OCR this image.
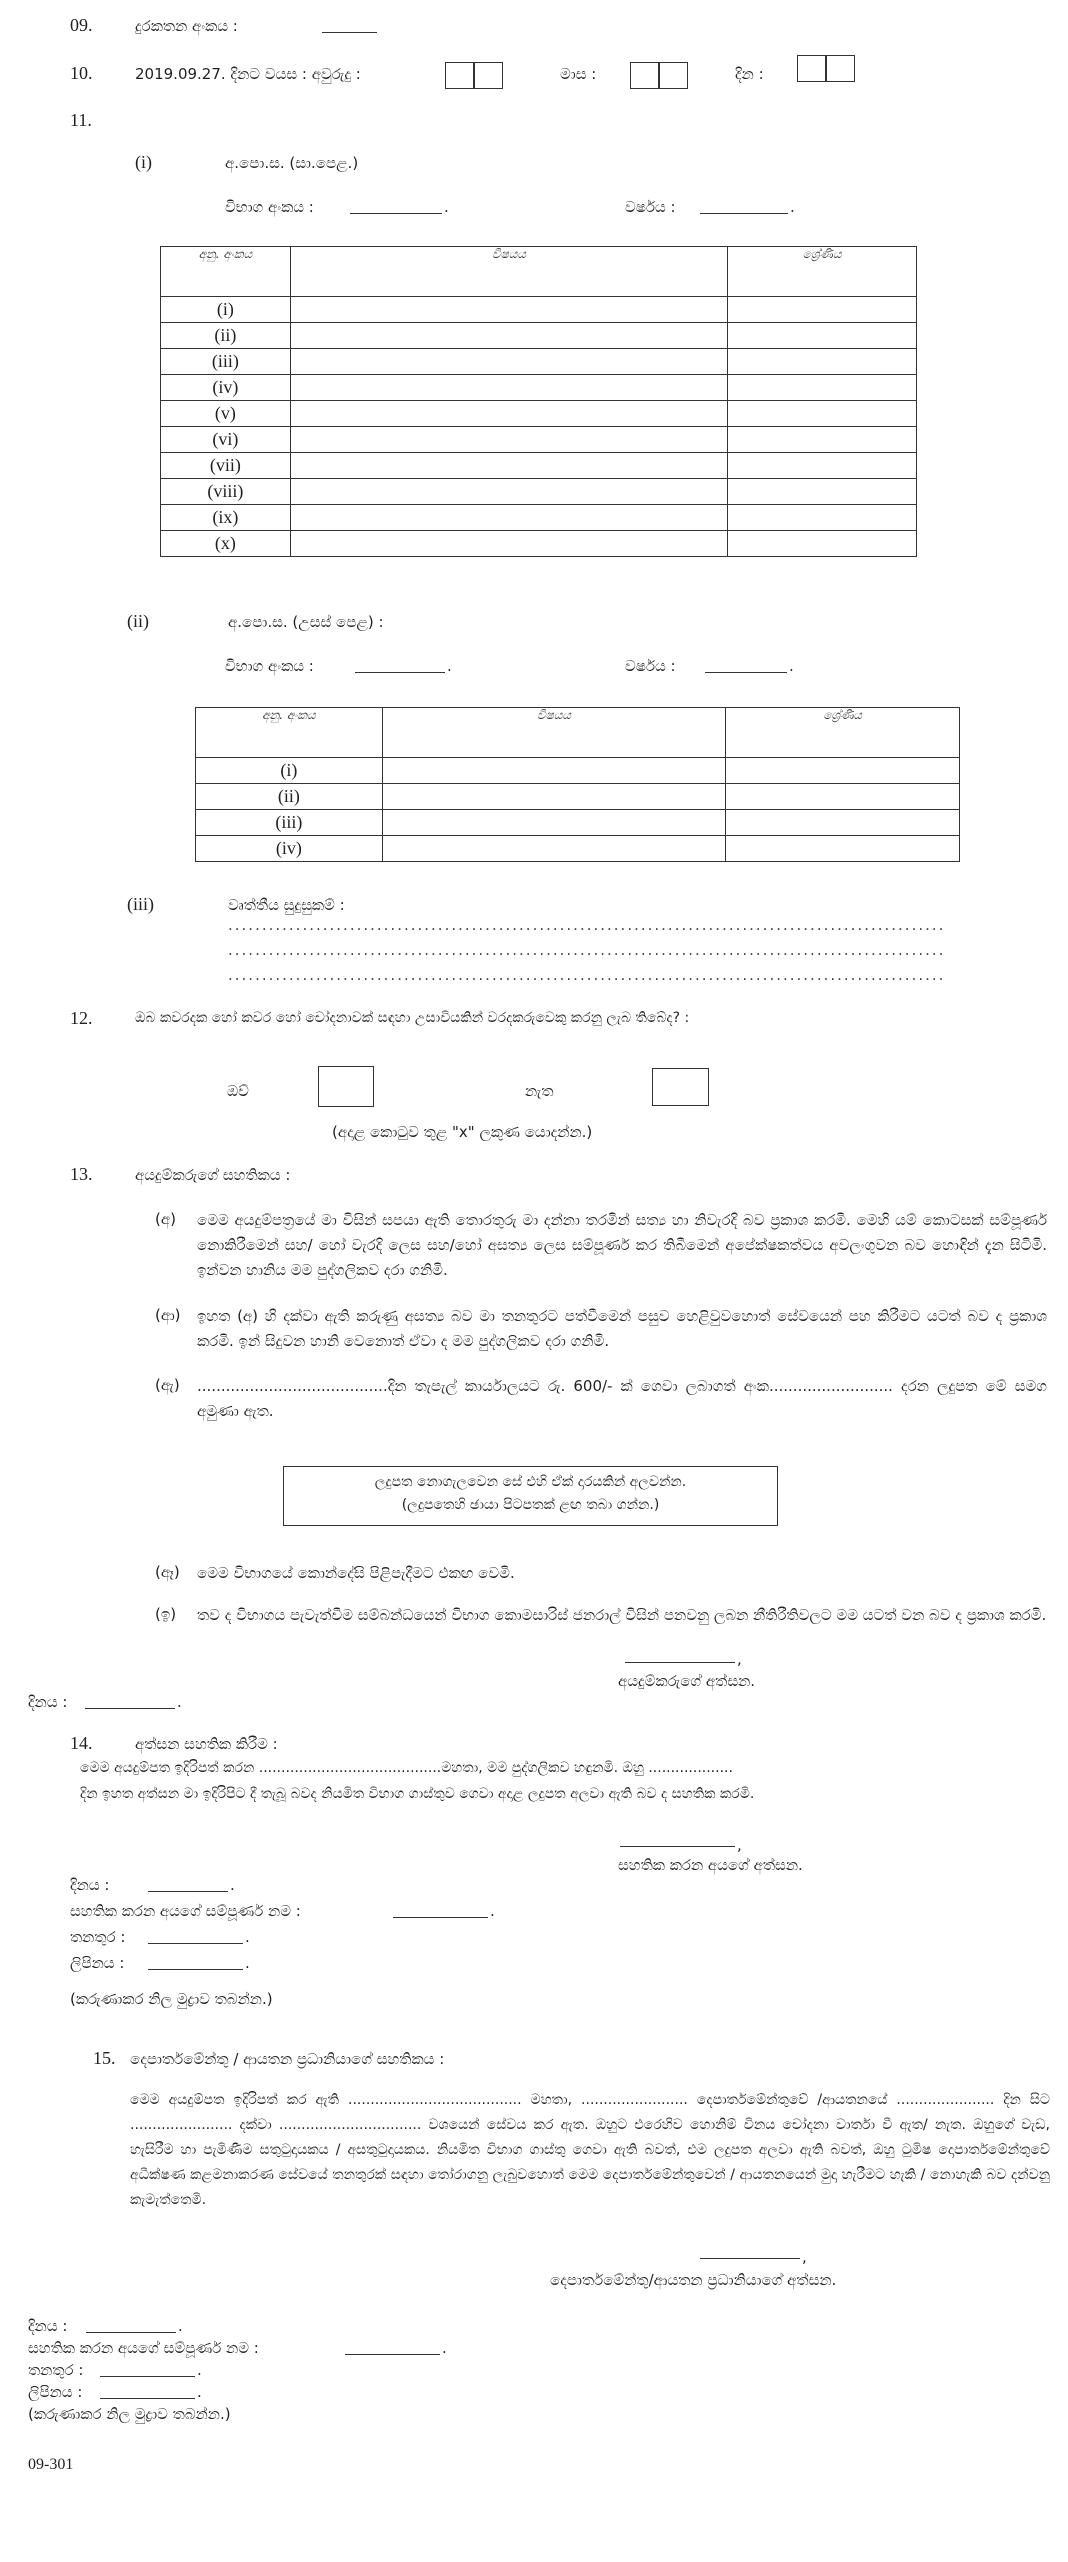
09.	දුරකතන අංකය :
10.	2019.09.27. දිනට වයස : අවුරුදු :	මාස :	දින :
11.
(i)	අ.පො.ස. (සා.පෙළ.)
විභාග අංකය :	.	වර්ෂය :	.
අනු. අංකය	විෂයය	ශ්‍රේණිය
(i)		
(ii)		
(iii)		
(iv)		
(v)		
(vi)		
(vii)		
(viii)		
(ix)		
(x)		
(ii)	අ.පො.ස. (උසස් පෙළ) :
විභාග අංකය :	.	වර්ෂය :	.
අනු. අංකය	විෂයය	ශ්‍රේණිය
(i)		
(ii)		
(iii)		
(iv)		
(iii)	වෘත්තීය සුදුසුකම් :
..........................................................................................................
..........................................................................................................
..........................................................................................................
12.	ඔබ කවරදක හෝ කවර හෝ චෝදනාවක් සඳහා උසාවියකින් වරදකරුවෙකු කරනු ලැබ තිබේද? :
ඔව්	නැත
(අදාළ කොටුව තුළ "x" ලකුණ යොදන්න.)
13.	අයදුම්කරුගේ සහතිකය :
(අ) මෙම අයදුම්පත්‍රයේ මා විසින් සපයා ඇති තොරතුරු මා දන්නා තරමින් සත්‍ය හා නිවැරදි බව ප්‍රකාශ කරමි. මෙහි යම් කොටසක් සම්පූර්ණ නොකිරීමෙන් සහ/ හෝ වැරදි ලෙස සහ/හෝ අසත්‍ය ලෙස සම්පූර්ණ කර තිබීමෙන් අපේක්ෂකත්වය අවලංගුවන බව හොඳින් දැන සිටිමි. ඉන්වන හානිය මම පුද්ගලිකව දරා ගනිමි.
(ආ) ඉහත (අ) හි දක්වා ඇති කරුණු අසත්‍ය බව මා තනතුරට පත්වීමෙන් පසුව හෙළිවුවහොත් සේවයෙන් පහ කිරීමට යටත් බව ද ප්‍රකාශ කරමි. ඉන් සිදුවන හානි වෙනොත් ඒවා ද මම පුද්ගලිකව දරා ගනිමි.
(ඇ) ........................................දින තැපැල් කාර්යාලයට රු. 600/- ක් ගෙවා ලබාගත් අංක.......................... දරන ලදුපත මේ සමග අමුණා ඇත.
ලදුපත නොගැලවෙන සේ එහි ඒක් දාරයකින් අලවන්න.
(ලදුපතෙහි ඡායා පිටපතක් ළඟ තබා ගන්න.)
(ඈ) මෙම විභාගයේ කොන්දේසි පිළිපැදීමට එකඟ වෙමි.
(ඉ) තව ද විභාගය පැවැත්වීම සම්බන්ධයෙන් විභාග කොමසාරිස් ජනරාල් විසින් පනවනු ලබන නීතිරීතිවලට මම යටත් වන බව ද ප්‍රකාශ කරමි.
,
අයදුම්කරුගේ අත්සන.
දිනය :	.
14.	අත්සන සහතික කිරීම :
මෙම අයදුම්පත ඉදිරිපත් කරන .........................................මහතා, මම පුද්ගලිකව හඳුනමි. ඔහු ...................
දින ඉහත අත්සන මා ඉදිරිපිට දී තැබූ බවද නියමිත විභාග ගාස්තුව ගෙවා අදාළ ලදුපත අලවා ඇති බව ද සහතික කරමි.
,
සහතික කරන අයගේ අත්සන.
දිනය :	.
සහතික කරන අයගේ සම්පූර්ණ නම :	.
තනතුර :	.
ලිපිනය :	.
(කරුණාකර නිල මුද්‍රාව තබන්න.)
15. දෙපාර්තමේන්තු / ආයතන ප්‍රධානියාගේ සහතිකය :
මෙම අයදුම්පත ඉදිරිපත් කර ඇති ....................................... මහතා, ........................ දෙපාර්තමේන්තුවේ /ආයතනයේ ...................... දින සිට ....................... දක්වා ................................ වශයෙන් සේවය කර ඇත. ඔහුට එරෙහිව හොනිම් විනය චෝදනා වාර්තා වී ඇත/ නැත. ඔහුගේ වැඩ, හැසිරීම හා පැමිණීම සතුටුදායකය / අසතුටුදායකය. නියමිත විභාග ගාස්තු ගෙවා ඇති බවත්, එම ලදුපත අලවා ඇති බවත්, ඔහු ටුමිෂ දොපාර්තමේන්තුවේ අධීක්ෂණ කළමනාකරණ සේවයේ තනතුරක් සඳහා තෝරාගනු ලැබුවහොත් මෙම දෙපාර්තමේන්තුවෙන් / ආයතනයෙන් මුදා හැරීමට හැකි / නොහැකි බව දන්වනු කැමැත්තෙමි.
,
දෙපාර්තමේන්තු/ආයතන ප්‍රධානියාගේ අත්සන.
දිනය :	.
සහතික කරන අයගේ සම්පූර්ණ නම :	.
තනතුර :	.
ලිපිනය :	.
(කරුණාකර නිල මුද්‍රාව තබන්න.)
09-301
